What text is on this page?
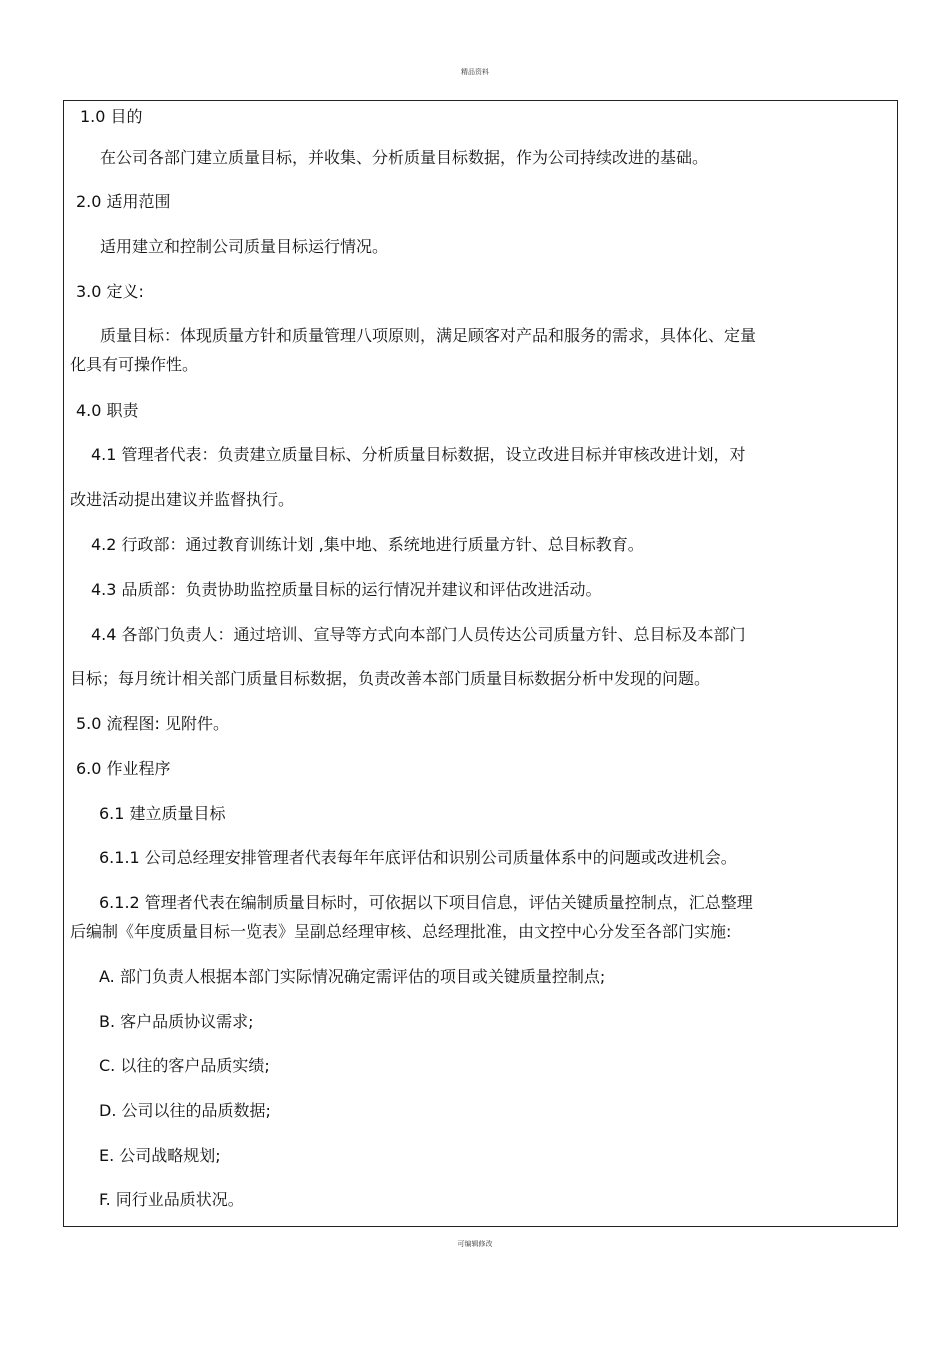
精品资料
1.0 目的
在公司各部门建立质量目标，并收集、分析质量目标数据，作为公司持续改进的基础。
2.0 适用范围
适用建立和控制公司质量目标运行情况。
3.0 定义:
质量目标：体现质量方针和质量管理八项原则，满足顾客对产品和服务的需求，具体化、定量
化具有可操作性。
4.0 职责
4.1 管理者代表：负责建立质量目标、分析质量目标数据，设立改进目标并审核改进计划，对
改进活动提出建议并监督执行。
4.2 行政部：通过教育训练计划 ,集中地、系统地进行质量方针、总目标教育。
4.3 品质部：负责协助监控质量目标的运行情况并建议和评估改进活动。
4.4 各部门负责人：通过培训、宣导等方式向本部门人员传达公司质量方针、总目标及本部门
目标；每月统计相关部门质量目标数据，负责改善本部门质量目标数据分析中发现的问题。
5.0 流程图: 见附件。
6.0 作业程序
6.1 建立质量目标
6.1.1 公司总经理安排管理者代表每年年底评估和识别公司质量体系中的问题或改进机会。
6.1.2 管理者代表在编制质量目标时，可依据以下项目信息，评估关键质量控制点，汇总整理
后编制《年度质量目标一览表》呈副总经理审核、总经理批准，由文控中心分发至各部门实施:
A. 部门负责人根据本部门实际情况确定需评估的项目或关键质量控制点;
B. 客户品质协议需求;
C. 以往的客户品质实绩;
D. 公司以往的品质数据;
E. 公司战略规划;
F. 同行业品质状况。
可编辑修改
